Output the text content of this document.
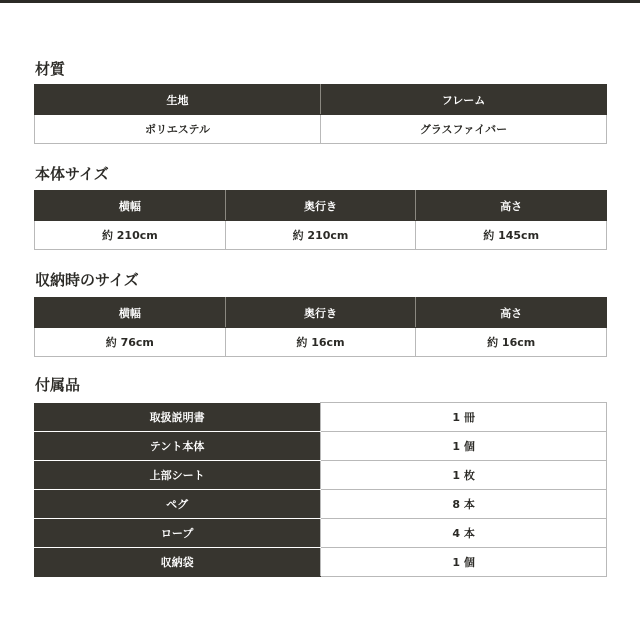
材質
生地	フレーム
ポリエステル	グラスファイバー
本体サイズ
横幅	奥行き	高さ
約 210cm	約 210cm	約 145cm
収納時のサイズ
横幅	奥行き	高さ
約 76cm	約 16cm	約 16cm
付属品
取扱説明書	1 冊
テント本体	1 個
上部シート	1 枚
ペグ	8 本
ロープ	4 本
収納袋	1 個
